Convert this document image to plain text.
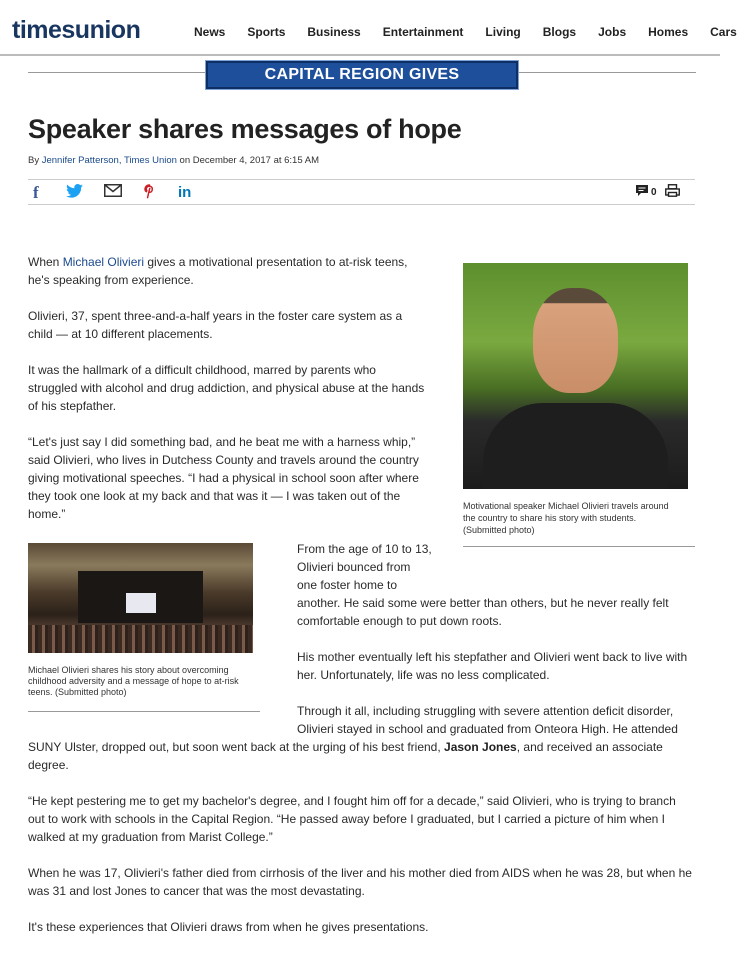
timesunion	News Sports Business Entertainment Living Blogs Jobs Homes Cars
CAPITAL REGION GIVES
Speaker shares messages of hope
By Jennifer Patterson, Times Union on December 4, 2017 at 6:15 AM
f	in	0
When Michael Olivieri gives a motivational presentation to at-risk teens,
he's speaking from experience.
Olivieri, 37, spent three-and-a-half years in the foster care system as a
child — at 10 different placements.
It was the hallmark of a difficult childhood, marred by parents who
struggled with alcohol and drug addiction, and physical abuse at the hands
of his stepfather.
“Let's just say I did something bad, and he beat me with a harness whip,”
said Olivieri, who lives in Dutchess County and travels around the country
giving motivational speeches. “I had a physical in school soon after where
they took one look at my back and that was it — I was taken out of the
home.”
Motivational speaker Michael Olivieri travels around
the country to share his story with students.
(Submitted photo)
Michael Olivieri shares his story about overcoming
childhood adversity and a message of hope to at-risk
teens. (Submitted photo)
From the age of 10 to 13,
Olivieri bounced from
one foster home to
another. He said some were better than others, but he never really felt
comfortable enough to put down roots.
His mother eventually left his stepfather and Olivieri went back to live with
her. Unfortunately, life was no less complicated.
Through it all, including struggling with severe attention deficit disorder,
Olivieri stayed in school and graduated from Onteora High. He attended
SUNY Ulster, dropped out, but soon went back at the urging of his best friend, Jason Jones, and received an associate
degree.
“He kept pestering me to get my bachelor's degree, and I fought him off for a decade,” said Olivieri, who is trying to branch
out to work with schools in the Capital Region. “He passed away before I graduated, but I carried a picture of him when I
walked at my graduation from Marist College.”
When he was 17, Olivieri's father died from cirrhosis of the liver and his mother died from AIDS when he was 28, but when he
was 31 and lost Jones to cancer that was the most devastating.
It's these experiences that Olivieri draws from when he gives presentations.
